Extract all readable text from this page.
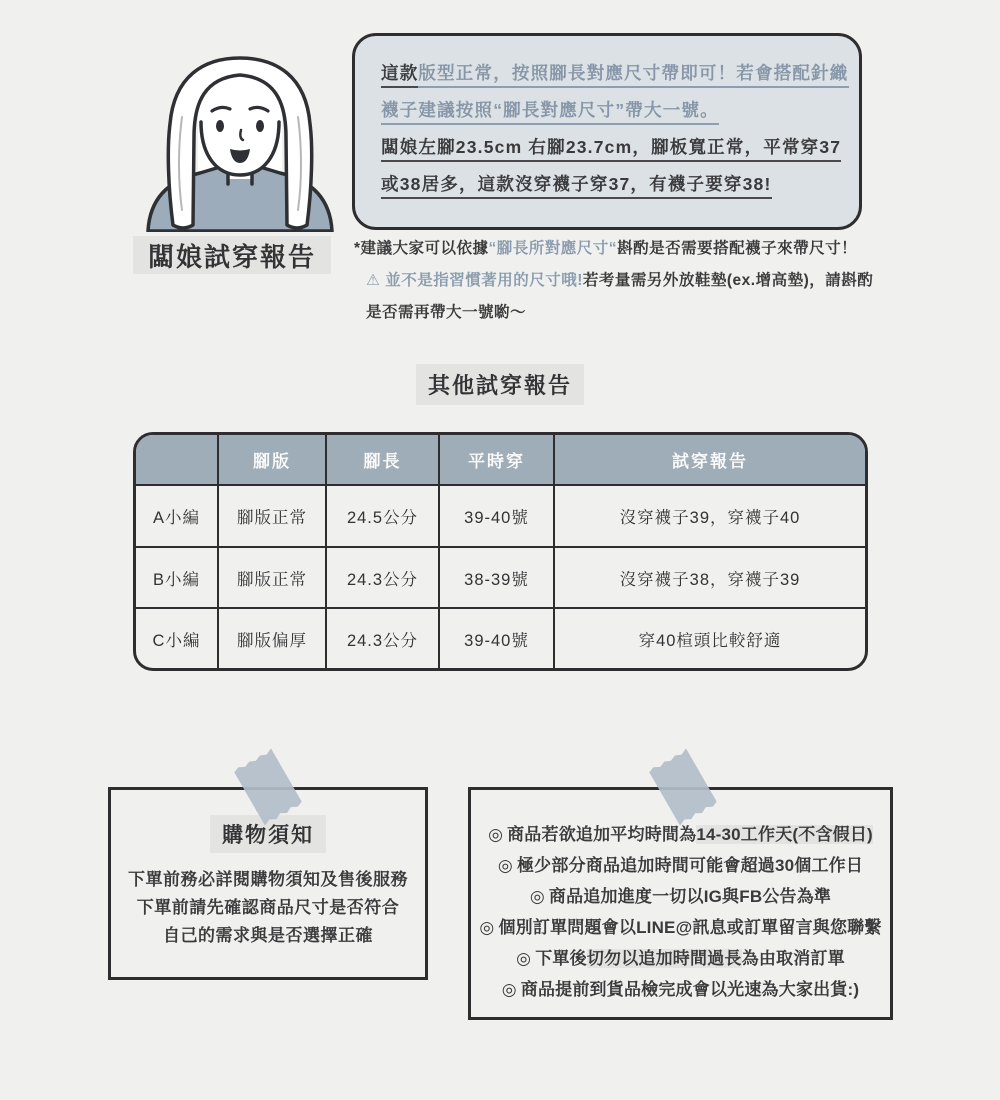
闆娘試穿報告
這款版型正常，按照腳長對應尺寸帶即可！若會搭配針織
襪子建議按照“腳長對應尺寸”帶大一號。
闆娘左腳23.5cm 右腳23.7cm，腳板寬正常，平常穿37
或38居多，這款沒穿襪子穿37，有襪子要穿38!
*建議大家可以依據“腳長所對應尺寸“斟酌是否需要搭配襪子來帶尺寸！
⚠ 並不是指習慣著用的尺寸哦!若考量需另外放鞋墊(ex.增高墊)，請斟酌
是否需再帶大一號喲～
其他試穿報告
	腳版	腳長	平時穿	試穿報告
A小編	腳版正常	24.5公分	39-40號	沒穿襪子39，穿襪子40
B小編	腳版正常	24.3公分	38-39號	沒穿襪子38，穿襪子39
C小編	腳版偏厚	24.3公分	39-40號	穿40楦頭比較舒適
購物須知
下單前務必詳閱購物須知及售後服務
下單前請先確認商品尺寸是否符合
自己的需求與是否選擇正確
◎ 商品若欲追加平均時間為14-30工作天(不含假日)
◎ 極少部分商品追加時間可能會超過30個工作日
◎ 商品追加進度一切以IG與FB公告為準
◎ 個別訂單問題會以LINE@訊息或訂單留言與您聯繫
◎ 下單後切勿以追加時間過長為由取消訂單
◎ 商品提前到貨品檢完成會以光速為大家出貨:)
